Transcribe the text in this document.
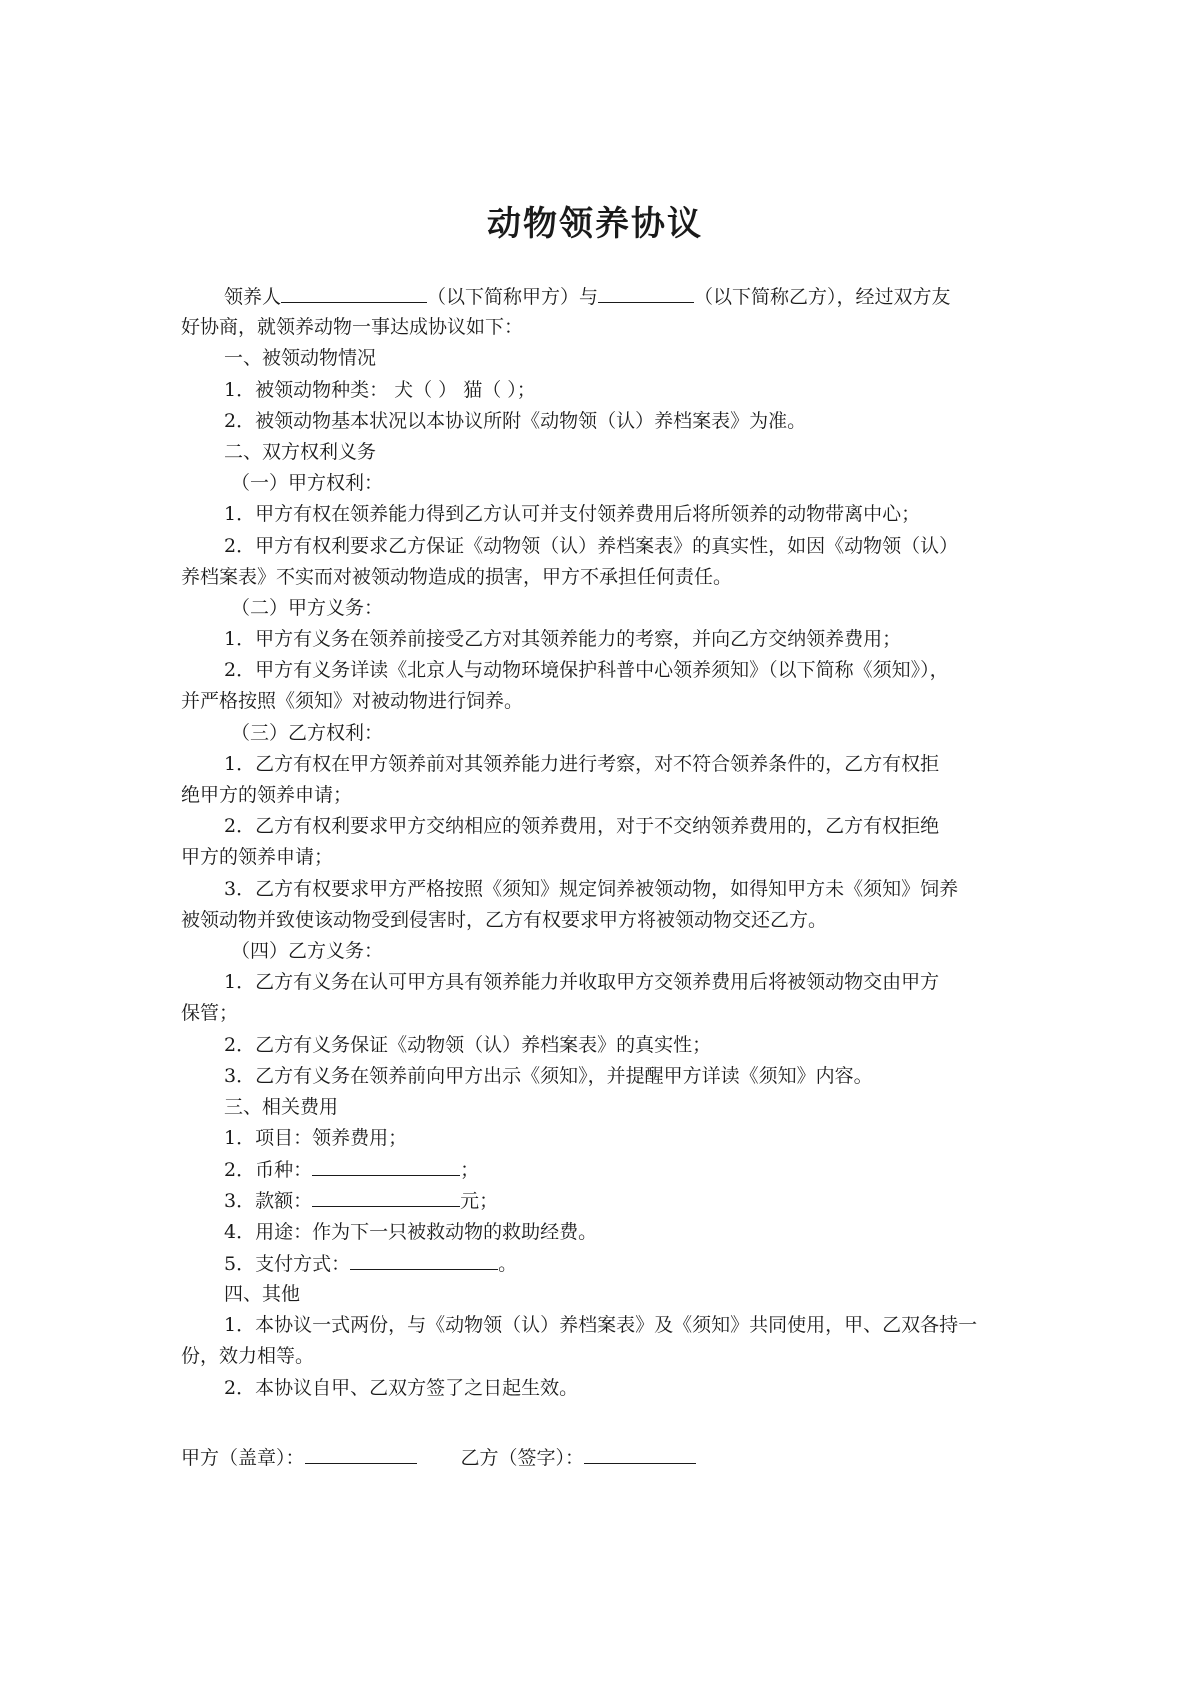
动物领养协议
领养人	（以下简称甲方）与	（以下简称乙方），经过双方友
好协商，就领养动物一事达成协议如下：
一、被领动物情况
1．被领动物种类： 犬（ ） 猫（ ）；
2．被领动物基本状况以本协议所附《动物领（认）养档案表》为准。
二、双方权利义务
（一）甲方权利：
1．甲方有权在领养能力得到乙方认可并支付领养费用后将所领养的动物带离中心；
2．甲方有权利要求乙方保证《动物领（认）养档案表》的真实性，如因《动物领（认）
养档案表》不实而对被领动物造成的损害，甲方不承担任何责任。
（二）甲方义务：
1．甲方有义务在领养前接受乙方对其领养能力的考察，并向乙方交纳领养费用；
2．甲方有义务详读《北京人与动物环境保护科普中心领养须知》（以下简称《须知》），
并严格按照《须知》对被动物进行饲养。
（三）乙方权利：
1．乙方有权在甲方领养前对其领养能力进行考察，对不符合领养条件的，乙方有权拒
绝甲方的领养申请；
2．乙方有权利要求甲方交纳相应的领养费用，对于不交纳领养费用的，乙方有权拒绝
甲方的领养申请；
3．乙方有权要求甲方严格按照《须知》规定饲养被领动物，如得知甲方未《须知》饲养
被领动物并致使该动物受到侵害时，乙方有权要求甲方将被领动物交还乙方。
（四）乙方义务：
1．乙方有义务在认可甲方具有领养能力并收取甲方交领养费用后将被领动物交由甲方
保管；
2．乙方有义务保证《动物领（认）养档案表》的真实性；
3．乙方有义务在领养前向甲方出示《须知》，并提醒甲方详读《须知》内容。
三、相关费用
1．项目：领养费用；
2．币种：	；
3．款额：	元；
4．用途：作为下一只被救动物的救助经费。
5．支付方式：	。
四、其他
1．本协议一式两份，与《动物领（认）养档案表》及《须知》共同使用，甲、乙双各持一
份，效力相等。
2．本协议自甲、乙双方签了之日起生效。
甲方（盖章）：	乙方（签字）：
